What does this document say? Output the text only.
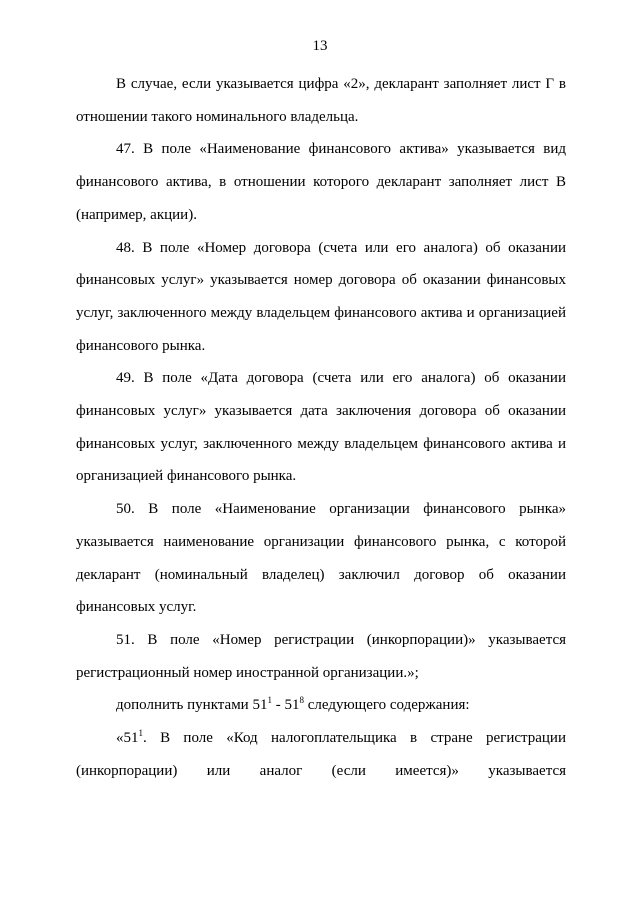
13

В случае, если указывается цифра «2», декларант заполняет лист Г в отношении такого номинального владельца.

47. В поле «Наименование финансового актива» указывается вид финансового актива, в отношении которого декларант заполняет лист В (например, акции).

48. В поле «Номер договора (счета или его аналога) об оказании финансовых услуг» указывается номер договора об оказании финансовых услуг, заключенного между владельцем финансового актива и организацией финансового рынка.

49. В поле «Дата договора (счета или его аналога) об оказании финансовых услуг» указывается дата заключения договора об оказании финансовых услуг, заключенного между владельцем финансового актива и организацией финансового рынка.

50. В поле «Наименование организации финансового рынка» указывается наименование организации финансового рынка, с которой декларант (номинальный владелец) заключил договор об оказании финансовых услуг.

51. В поле «Номер регистрации (инкорпорации)» указывается регистрационный номер иностранной организации.»;

дополнить пунктами $51^1 - 51^8$ следующего содержания:

«$51^1$. В поле «Код налогоплательщика в стране регистрации (инкорпорации) или аналог (если имеется)» указывается
